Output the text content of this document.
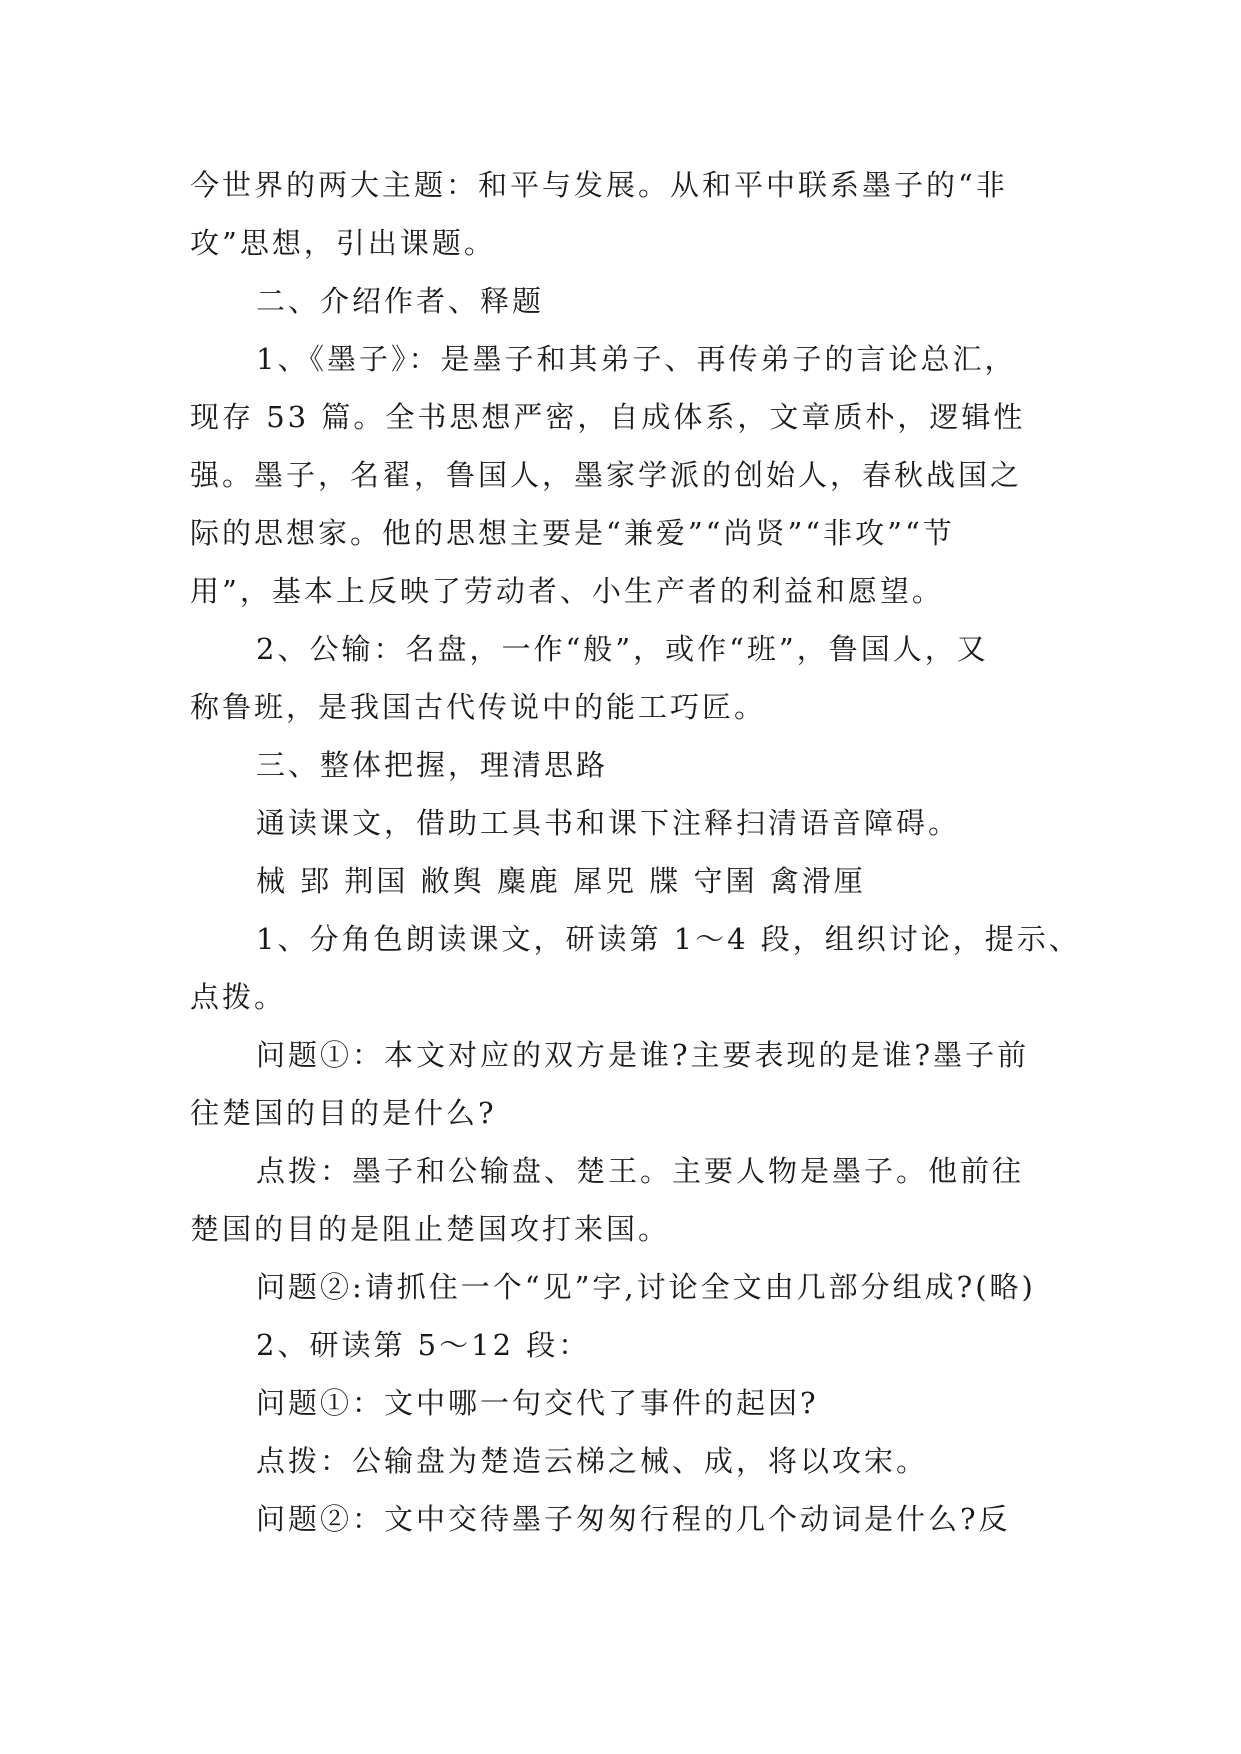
今世界的两大主题：和平与发展。从和平中联系墨子的“非
攻”思想，引出课题。
二、介绍作者、释题
1、《墨子》：是墨子和其弟子、再传弟子的言论总汇，
现存 53 篇。全书思想严密，自成体系，文章质朴，逻辑性
强。墨子，名翟，鲁国人，墨家学派的创始人，春秋战国之
际的思想家。他的思想主要是“兼爱”“尚贤”“非攻”“节
用”，基本上反映了劳动者、小生产者的利益和愿望。
2、公输：名盘，一作“般”，或作“班”，鲁国人，又
称鲁班，是我国古代传说中的能工巧匠。
三、整体把握，理清思路
通读课文，借助工具书和课下注释扫清语音障碍。
械 郢 荆国 敝舆 麋鹿 犀兕 牒 守圉 禽滑厘
1、分角色朗读课文，研读第 1～4 段，组织讨论，提示、
点拨。
问题①：本文对应的双方是谁?主要表现的是谁?墨子前
往楚国的目的是什么?
点拨：墨子和公输盘、楚王。主要人物是墨子。他前往
楚国的目的是阻止楚国攻打来国。
问题②:请抓住一个“见”字,讨论全文由几部分组成?(略)
2、研读第 5～12 段：
问题①：文中哪一句交代了事件的起因?
点拨：公输盘为楚造云梯之械、成，将以攻宋。
问题②：文中交待墨子匆匆行程的几个动词是什么?反
